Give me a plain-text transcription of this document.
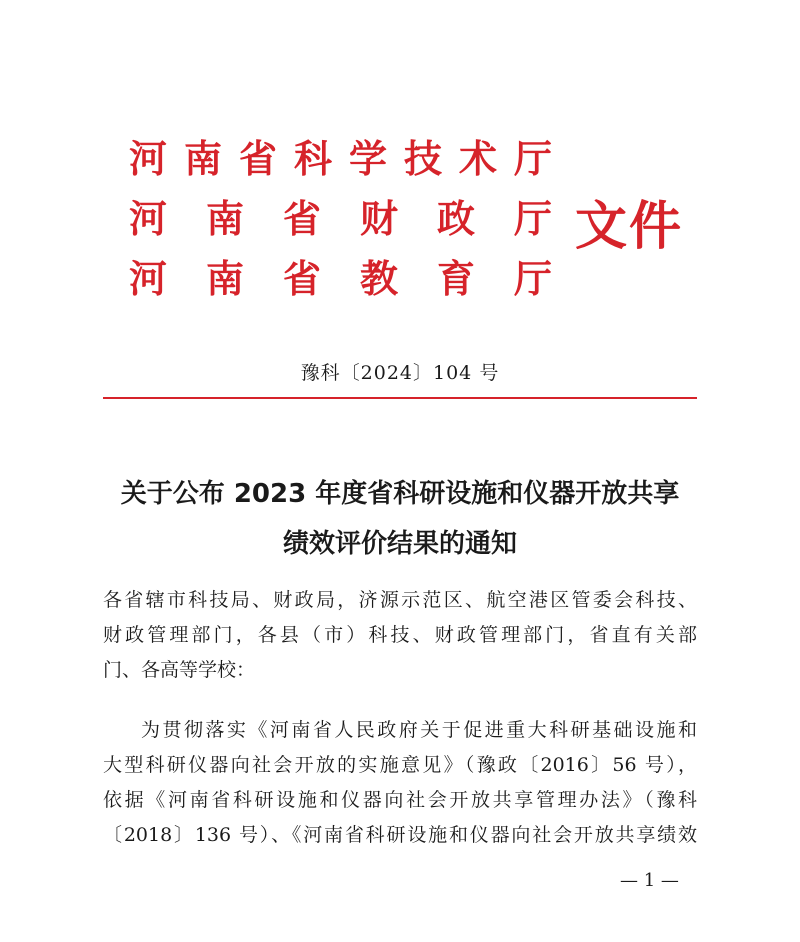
河 南 省 科 学 技 术 厅
河 南 省 财 政 厅
河 南 省 教 育 厅
文件
豫科〔2024〕104 号
关于公布 2023 年度省科研设施和仪器开放共享
绩效评价结果的通知
各省辖市科技局、财政局，济源示范区、航空港区管委会科技、
财政管理部门，各县（市）科技、财政管理部门，省直有关部
门、各高等学校：
为贯彻落实《河南省人民政府关于促进重大科研基础设施和
大型科研仪器向社会开放的实施意见》（豫政〔2016〕56 号），
依据《河南省科研设施和仪器向社会开放共享管理办法》（豫科
〔2018〕136 号）、《河南省科研设施和仪器向社会开放共享绩效
— 1 —
